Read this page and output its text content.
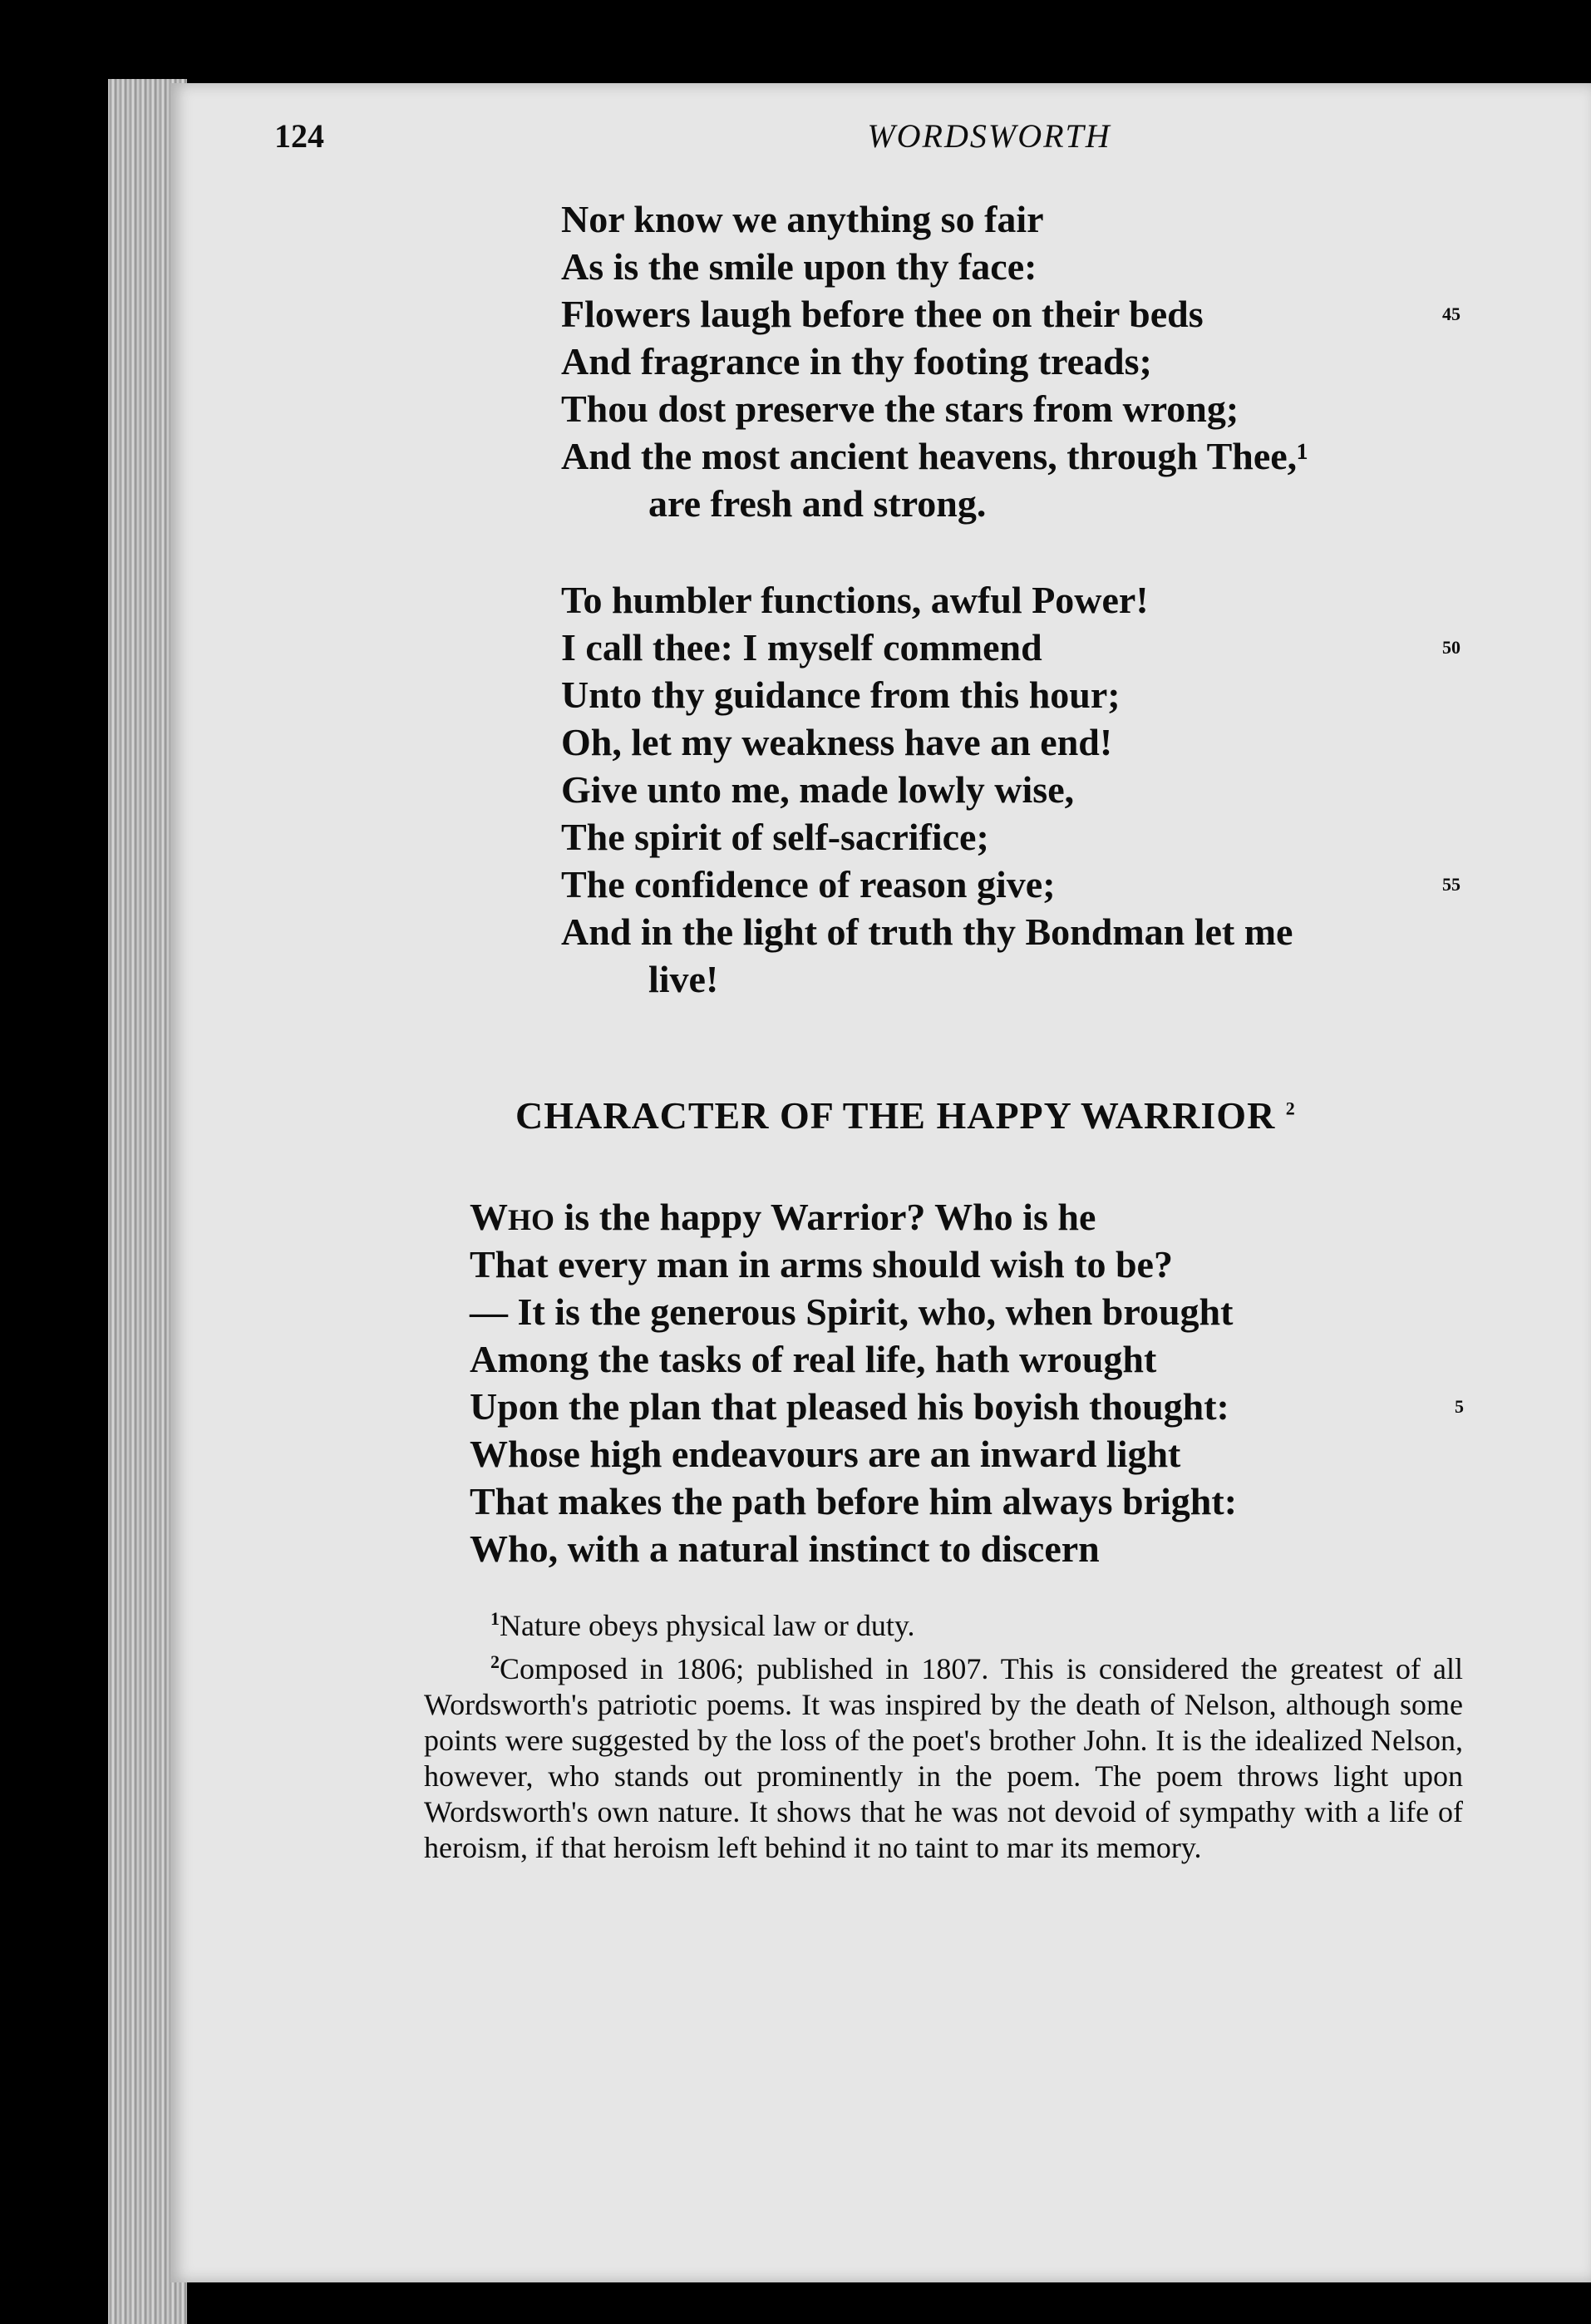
124	WORDSWORTH
Nor know we anything so fair
As is the smile upon thy face:
Flowers laugh before thee on their beds	45
And fragrance in thy footing treads;
Thou dost preserve the stars from wrong;
And the most ancient heavens, through Thee,¹
are fresh and strong.
To humbler functions, awful Power!
I call thee: I myself commend	50
Unto thy guidance from this hour;
Oh, let my weakness have an end!
Give unto me, made lowly wise,
The spirit of self-sacrifice;
The confidence of reason give;	55
And in the light of truth thy Bondman let me
live!
CHARACTER OF THE HAPPY WARRIOR $^2$
WHO is the happy Warrior? Who is he
That every man in arms should wish to be?
— It is the generous Spirit, who, when brought
Among the tasks of real life, hath wrought
Upon the plan that pleased his boyish thought:	5
Whose high endeavours are an inward light
That makes the path before him always bright:
Who, with a natural instinct to discern
$^1$Nature obeys physical law or duty.
$^2$Composed in 1806; published in 1807. This is considered the greatest of all Wordsworth's patriotic poems. It was inspired by the death of Nelson, although some points were suggested by the loss of the poet's brother John. It is the idealized Nelson, however, who stands out prominently in the poem. The poem throws light upon Wordsworth's own nature. It shows that he was not devoid of sympathy with a life of heroism, if that heroism left behind it no taint to mar its memory.
